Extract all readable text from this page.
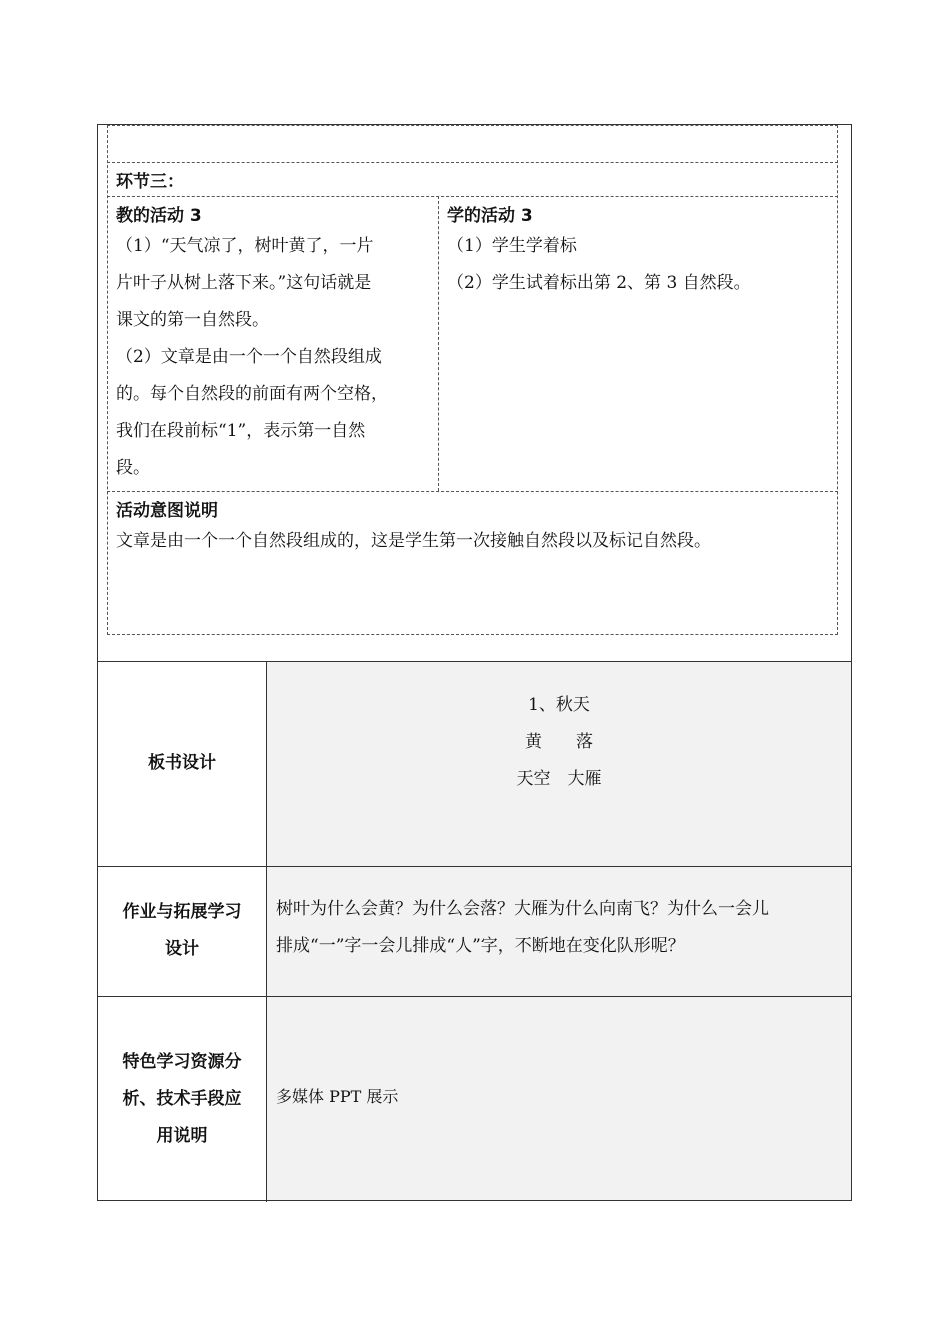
环节三：
教的活动 3
（1）“天气凉了，树叶黄了，一片
片叶子从树上落下来。”这句话就是
课文的第一自然段。
（2）文章是由一个一个自然段组成
的。每个自然段的前面有两个空格，
我们在段前标“1”，表示第一自然
段。
学的活动 3
（1）学生学着标
（2）学生试着标出第 2、第 3 自然段。
活动意图说明
文章是由一个一个自然段组成的，这是学生第一次接触自然段以及标记自然段。
板书设计
1、秋天
黄　　落
天空　大雁
作业与拓展学习
设计
树叶为什么会黄？为什么会落？大雁为什么向南飞？为什么一会儿
排成“一”字一会儿排成“人”字，不断地在变化队形呢？
特色学习资源分
析、技术手段应
用说明
多媒体 PPT 展示
